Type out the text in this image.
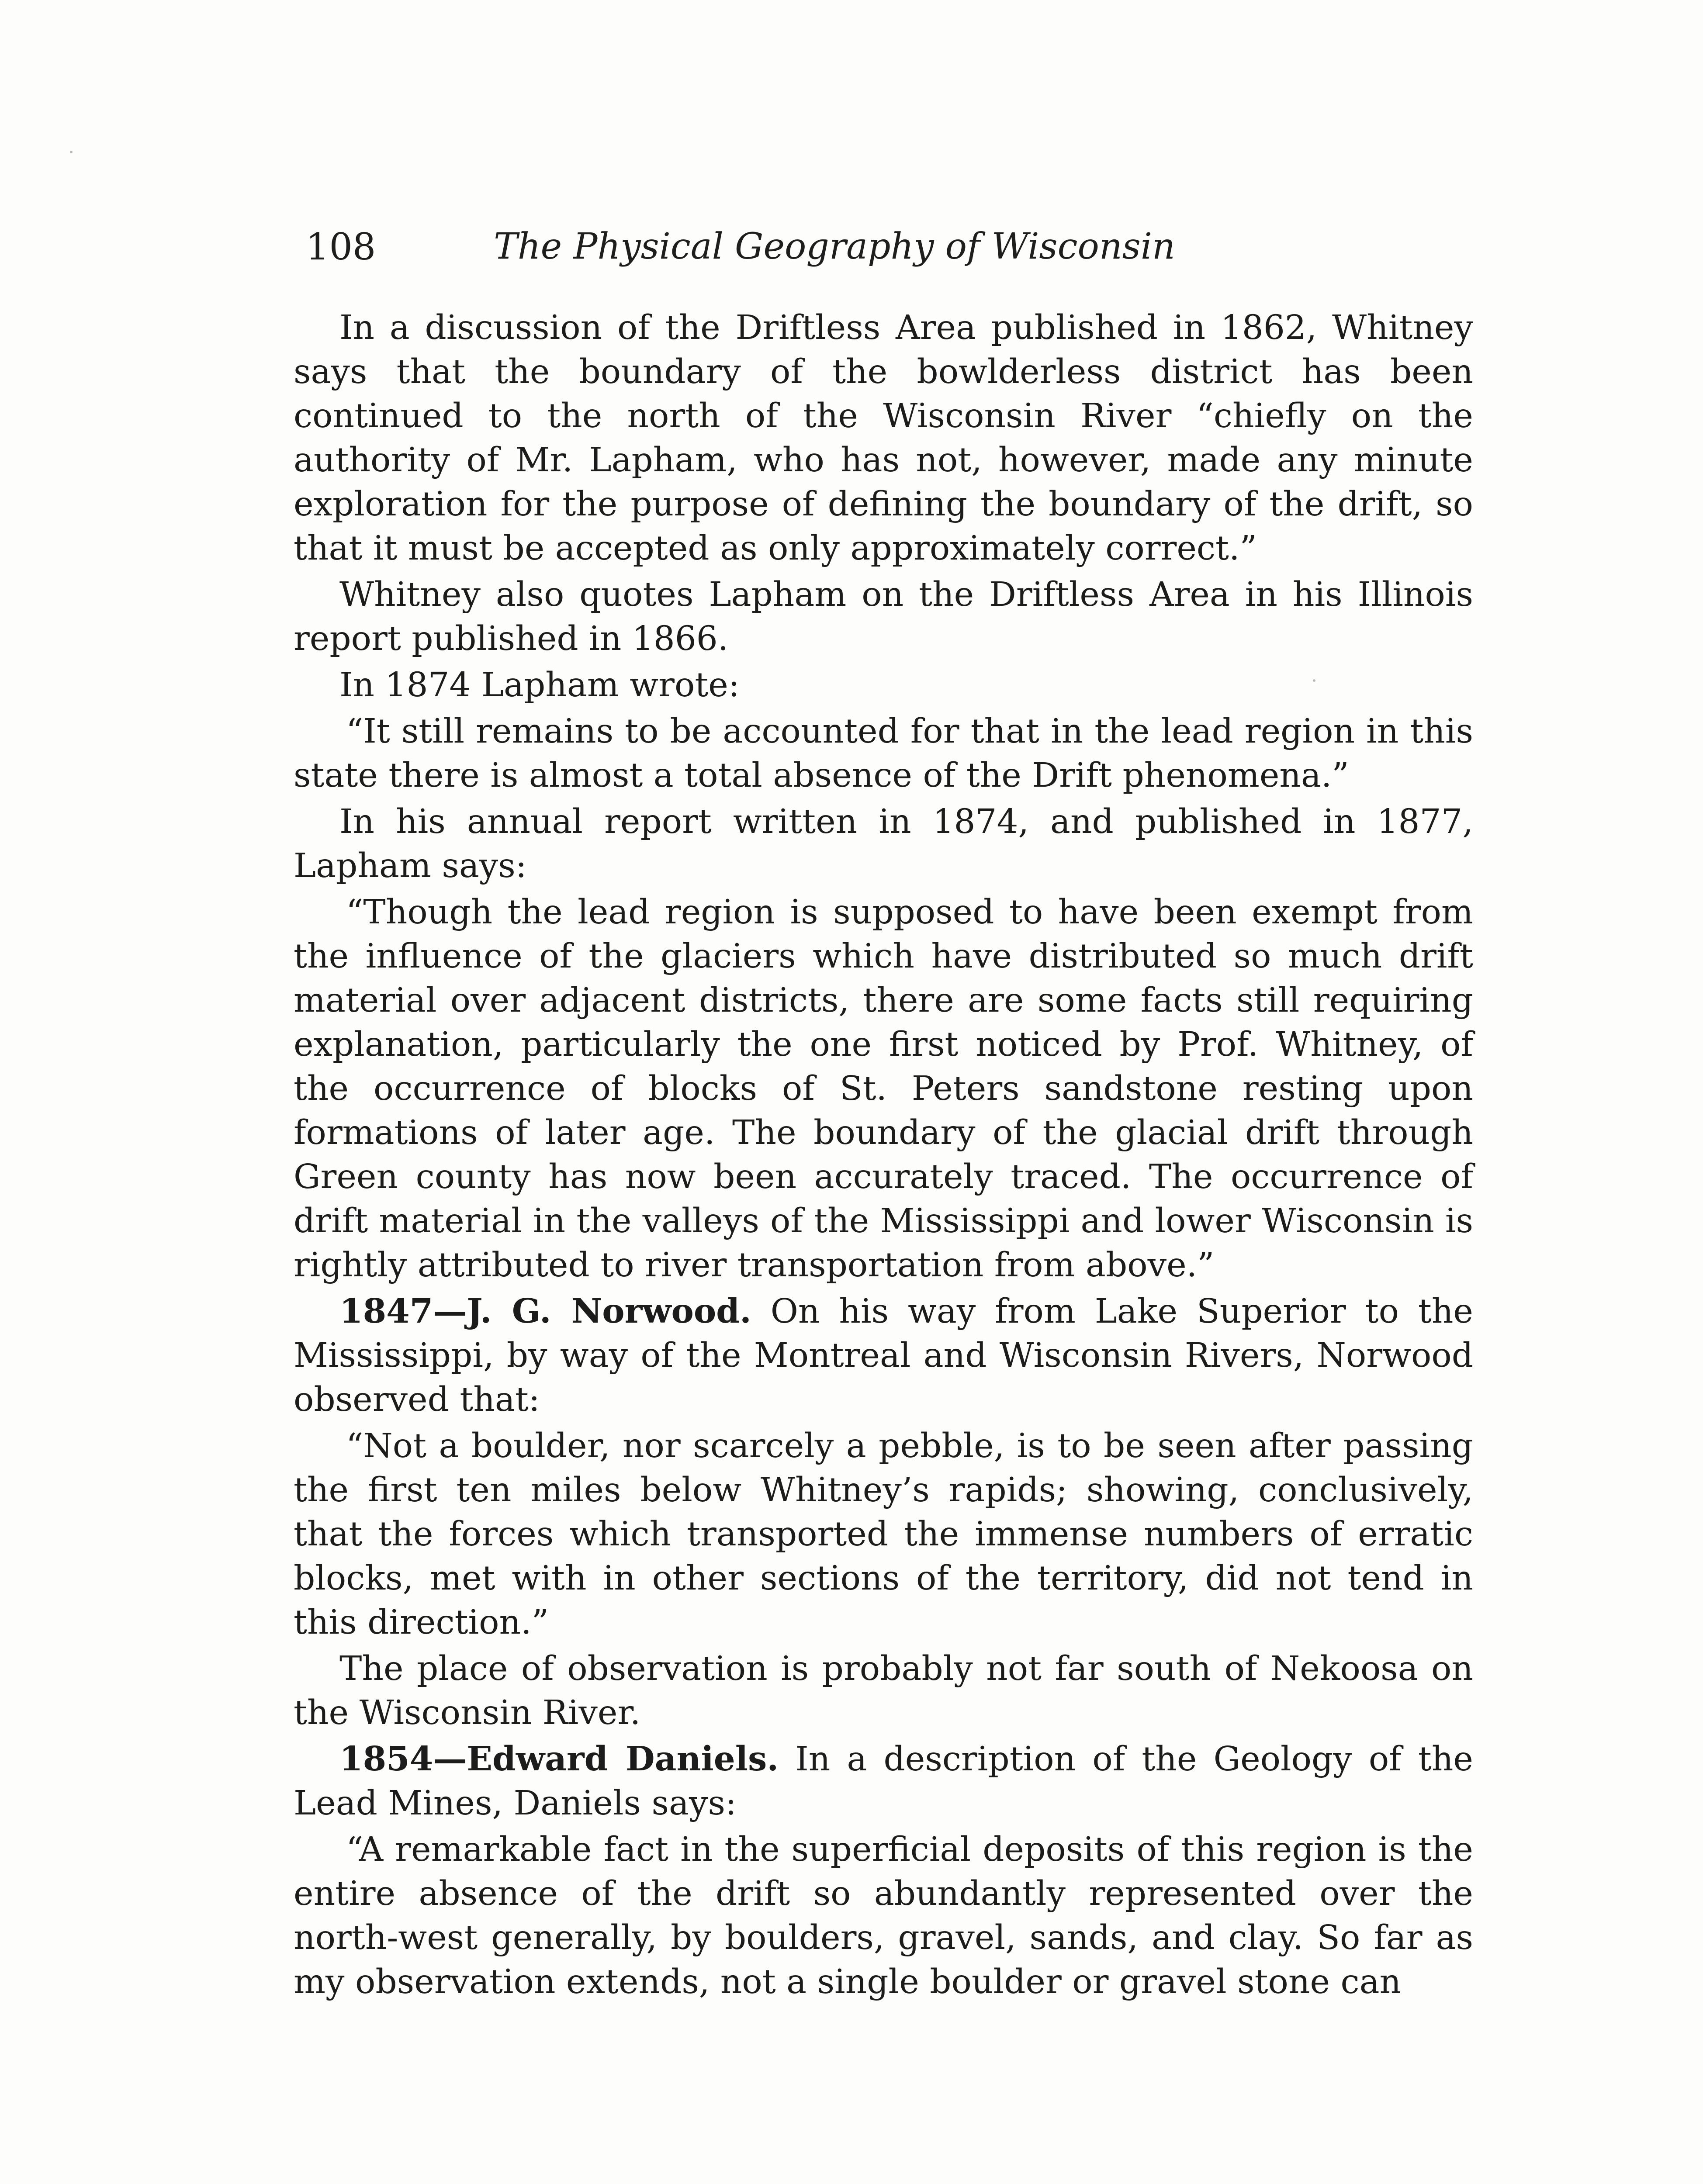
108	The Physical Geography of Wisconsin

In a discussion of the Driftless Area published in 1862, Whitney says that the boundary of the bowlderless district has been continued to the north of the Wisconsin River “chiefly on the authority of Mr. Lapham, who has not, however, made any minute exploration for the purpose of defining the boundary of the drift, so that it must be accepted as only approximately correct.”

Whitney also quotes Lapham on the Driftless Area in his Illinois report published in 1866.

In 1874 Lapham wrote:

“It still remains to be accounted for that in the lead region in this state there is almost a total absence of the Drift phenomena.”

In his annual report written in 1874, and published in 1877, Lapham says:

“Though the lead region is supposed to have been exempt from the influence of the glaciers which have distributed so much drift material over adjacent districts, there are some facts still requiring explanation, particularly the one first noticed by Prof. Whitney, of the occurrence of blocks of St. Peters sandstone resting upon formations of later age. The boundary of the glacial drift through Green county has now been accurately traced. The occurrence of drift material in the valleys of the Mississippi and lower Wisconsin is rightly attributed to river transportation from above.”

1847—J. G. Norwood. On his way from Lake Superior to the Mississippi, by way of the Montreal and Wisconsin Rivers, Norwood observed that:

“Not a boulder, nor scarcely a pebble, is to be seen after passing the first ten miles below Whitney’s rapids; showing, conclusively, that the forces which transported the immense numbers of erratic blocks, met with in other sections of the territory, did not tend in this direction.”

The place of observation is probably not far south of Nekoosa on the Wisconsin River.

1854—Edward Daniels. In a description of the Geology of the Lead Mines, Daniels says:

“A remarkable fact in the superficial deposits of this region is the entire absence of the drift so abundantly represented over the north-west generally, by boulders, gravel, sands, and clay. So far as my observation extends, not a single boulder or gravel stone can
